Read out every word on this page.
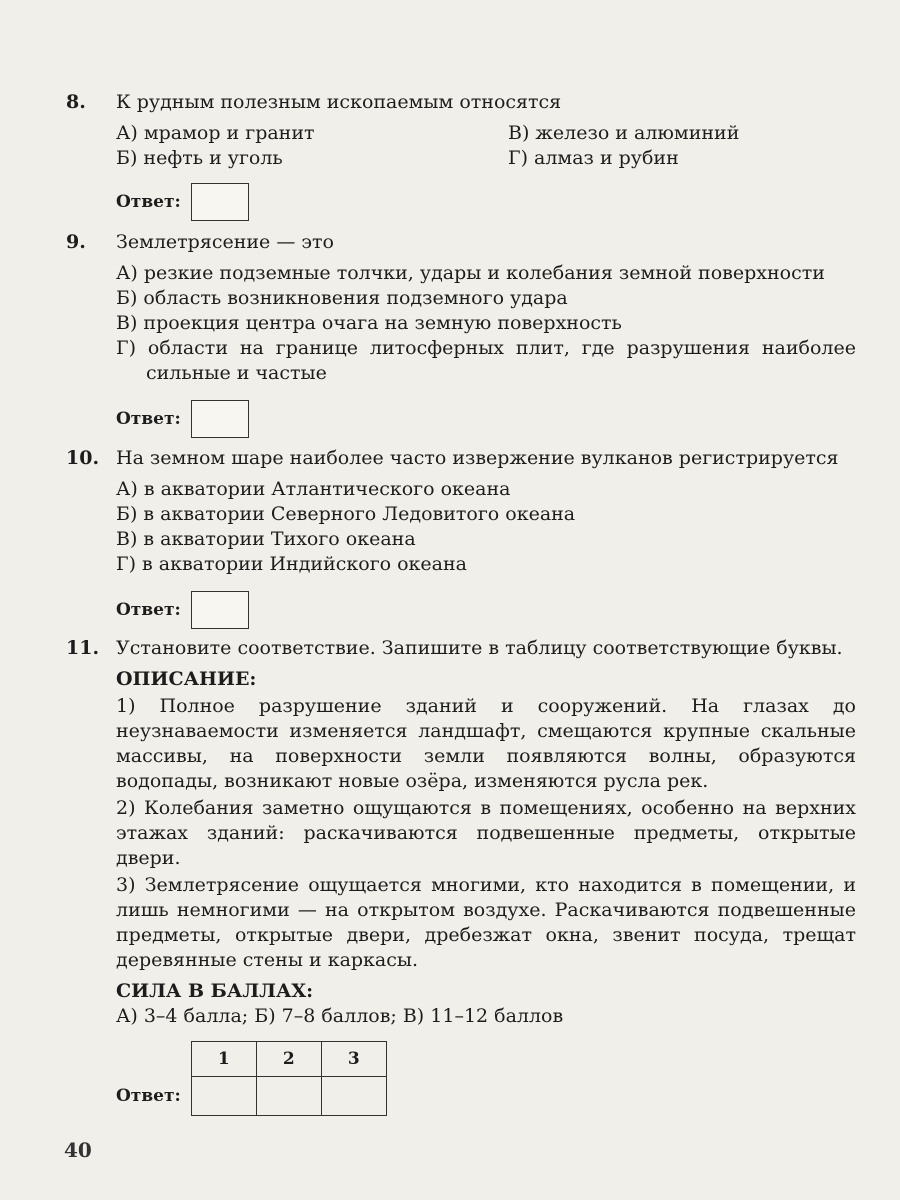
8.	К рудным полезным ископаемым относятся
А) мрамор и гранит	В) железо и алюминий
Б) нефть и уголь	Г) алмаз и рубин
Ответ:
9.	Землетрясение — это
А) резкие подземные толчки, удары и колебания земной поверхности
Б) область возникновения подземного удара
В) проекция центра очага на земную поверхность
Г) области на границе литосферных плит, где разрушения наиболее сильные и частые
Ответ:
10. На земном шаре наиболее часто извержение вулканов регистрируется
А) в акватории Атлантического океана
Б) в акватории Северного Ледовитого океана
В) в акватории Тихого океана
Г) в акватории Индийского океана
Ответ:
11. Установите соответствие. Запишите в таблицу соответствующие буквы.
ОПИСАНИЕ:
1) Полное разрушение зданий и сооружений. На глазах до неузнаваемости изменяется ландшафт, смещаются крупные скальные массивы, на поверхности земли появляются волны, образуются водопады, возникают новые озёра, изменяются русла рек.
2) Колебания заметно ощущаются в помещениях, особенно на верхних этажах зданий: раскачиваются подвешенные предметы, открытые двери.
3) Землетрясение ощущается многими, кто находится в помещении, и лишь немногими — на открытом воздухе. Раскачиваются подвешенные предметы, открытые двери, дребезжат окна, звенит посуда, трещат деревянные стены и каркасы.
СИЛА В БАЛЛАХ:
А) 3–4 балла; Б) 7–8 баллов; В) 11–12 баллов
Ответ:
1	2	3

40
